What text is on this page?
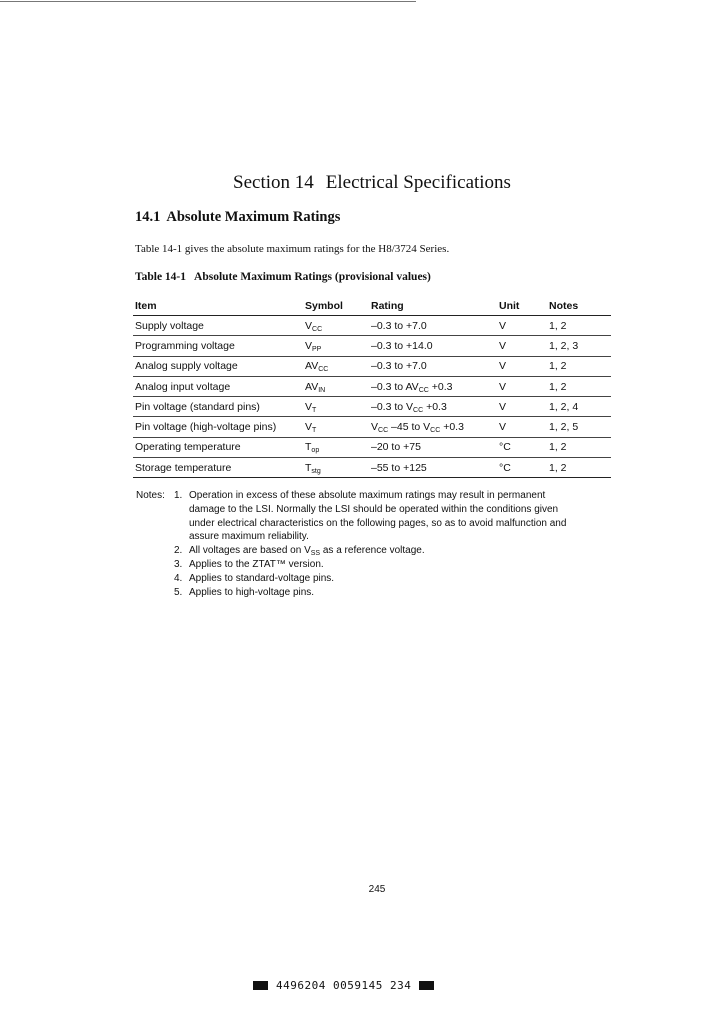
Section 14 Electrical Specifications
14.1 Absolute Maximum Ratings

Table 14-1 gives the absolute maximum ratings for the H8/3724 Series.

Table 14-1 Absolute Maximum Ratings (provisional values)
Item	Symbol	Rating	Unit	Notes
Supply voltage	$V_{CC}$	–0.3 to +7.0	V	1, 2
Programming voltage	$V_{PP}$	–0.3 to +14.0	V	1, 2, 3
Analog supply voltage	$AV_{CC}$	–0.3 to +7.0	V	1, 2
Analog input voltage	$AV_{IN}$	–0.3 to $AV_{CC} +0.3$	V	1, 2
Pin voltage (standard pins)	$V_T$	–0.3 to $V_{CC} +0.3$	V	1, 2, 4
Pin voltage (high-voltage pins)	$V_T$	$V_{CC}$ –45 to $V_{CC} +0.3$	V	1, 2, 5
Operating temperature	$T_{op}$	–20 to +75	°C	1, 2
Storage temperature	$T_{stg}$	–55 to +125	°C	1, 2
Notes: 1. Operation in excess of these absolute maximum ratings may result in permanent
damage to the LSI. Normally the LSI should be operated within the conditions given
under electrical characteristics on the following pages, so as to avoid malfunction and
assure maximum reliability.
2. All voltages are based on $V_{SS}$ as a reference voltage.
3. Applies to the ZTAT™ version.
4. Applies to standard-voltage pins.
5. Applies to high-voltage pins.
245
4496204 0059145 234
